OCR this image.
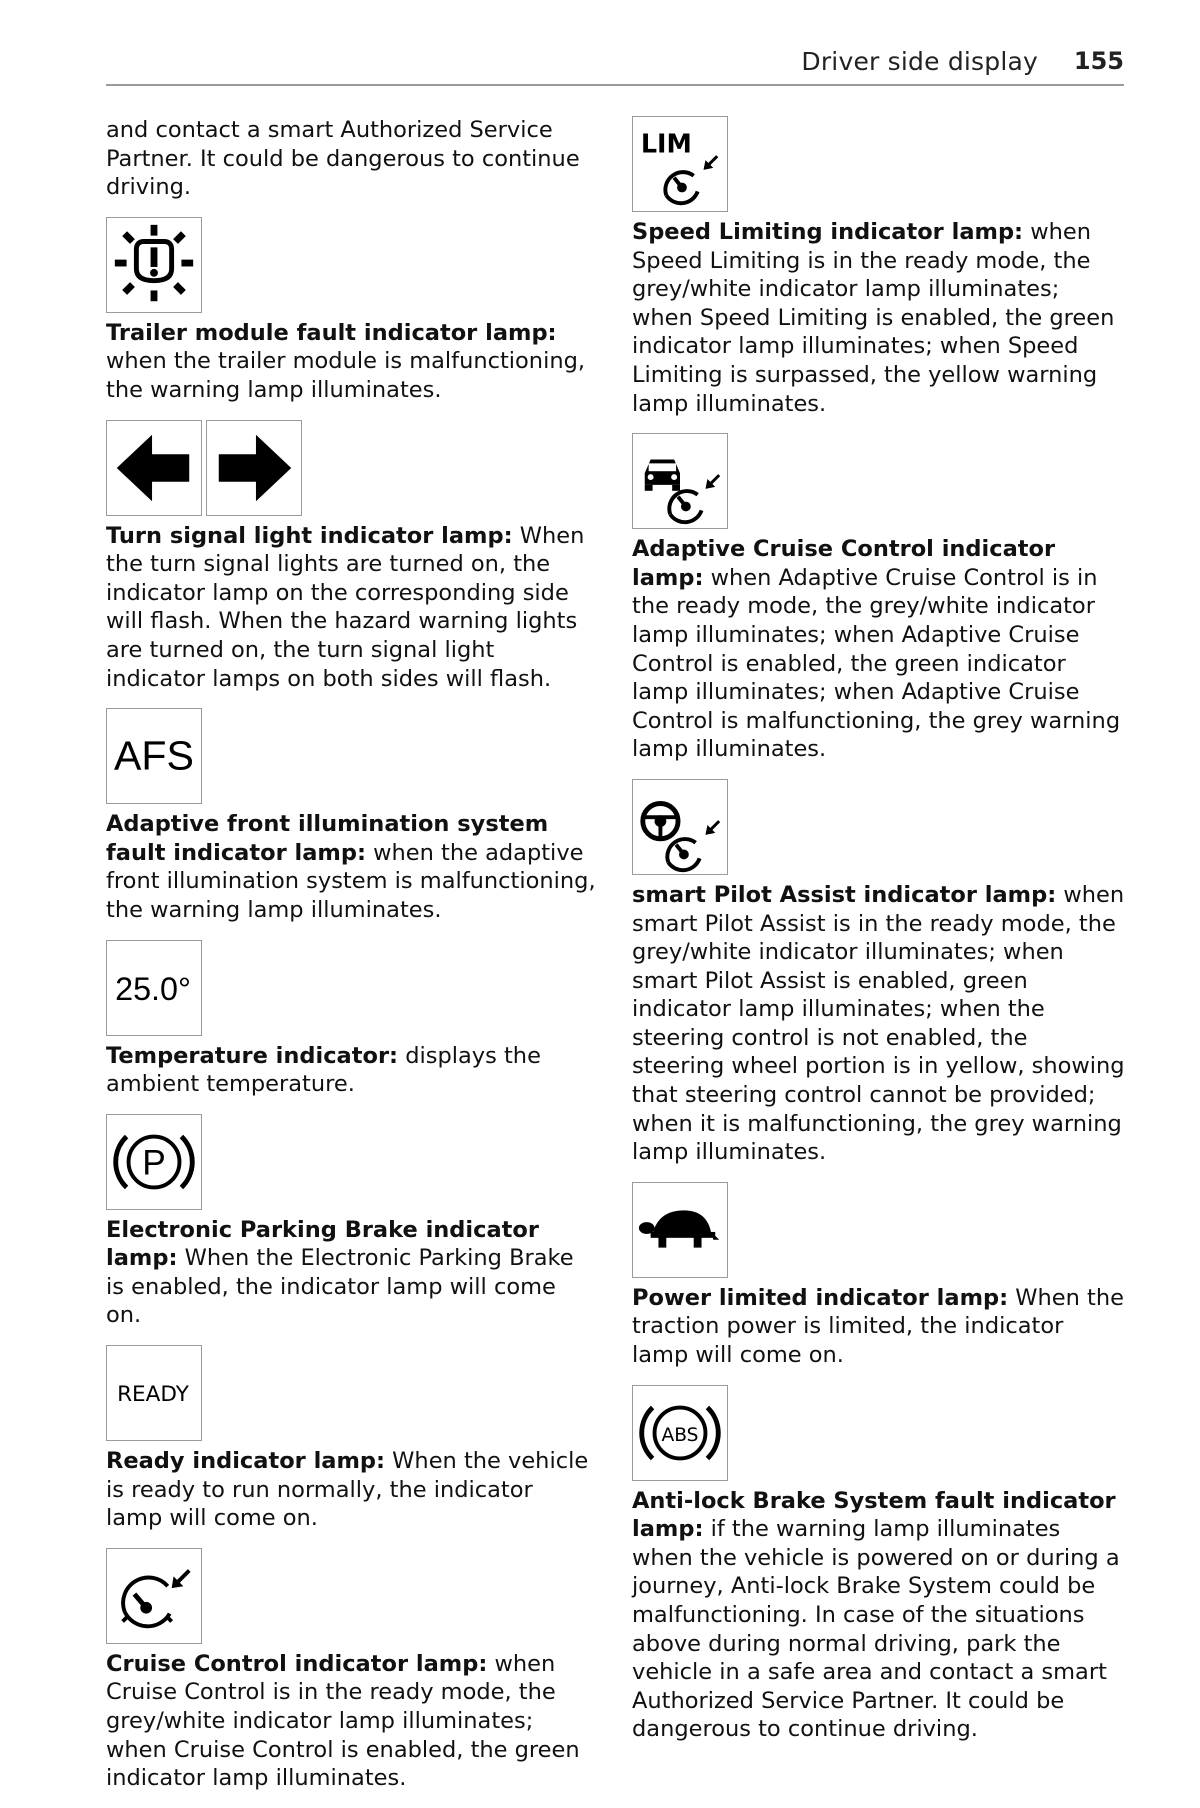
Driver side display 155

and contact a smart Authorized Service Partner. It could be dangerous to continue driving.

Trailer module fault indicator lamp: when the trailer module is malfunctioning, the warning lamp illuminates.

Turn signal light indicator lamp: When the turn signal lights are turned on, the indicator lamp on the corresponding side will flash. When the hazard warning lights are turned on, the turn signal light indicator lamps on both sides will flash.

AFS

Adaptive front illumination system fault indicator lamp: when the adaptive front illumination system is malfunctioning, the warning lamp illuminates.

25.0°

Temperature indicator: displays the ambient temperature.

P

Electronic Parking Brake indicator lamp: When the Electronic Parking Brake is enabled, the indicator lamp will come on.

READY

Ready indicator lamp: When the vehicle is ready to run normally, the indicator lamp will come on.

Cruise Control indicator lamp: when Cruise Control is in the ready mode, the grey/white indicator lamp illuminates; when Cruise Control is enabled, the green indicator lamp illuminates.

LIM

Speed Limiting indicator lamp: when Speed Limiting is in the ready mode, the grey/white indicator lamp illuminates; when Speed Limiting is enabled, the green indicator lamp illuminates; when Speed Limiting is surpassed, the yellow warning lamp illuminates.

Adaptive Cruise Control indicator lamp: when Adaptive Cruise Control is in the ready mode, the grey/white indicator lamp illuminates; when Adaptive Cruise Control is enabled, the green indicator lamp illuminates; when Adaptive Cruise Control is malfunctioning, the grey warning lamp illuminates.

smart Pilot Assist indicator lamp: when smart Pilot Assist is in the ready mode, the grey/white indicator illuminates; when smart Pilot Assist is enabled, green indicator lamp illuminates; when the steering control is not enabled, the steering wheel portion is in yellow, showing that steering control cannot be provided; when it is malfunctioning, the grey warning lamp illuminates.

Power limited indicator lamp: When the traction power is limited, the indicator lamp will come on.

ABS

Anti-lock Brake System fault indicator lamp: if the warning lamp illuminates when the vehicle is powered on or during a journey, Anti-lock Brake System could be malfunctioning. In case of the situations above during normal driving, park the vehicle in a safe area and contact a smart Authorized Service Partner. It could be dangerous to continue driving.
